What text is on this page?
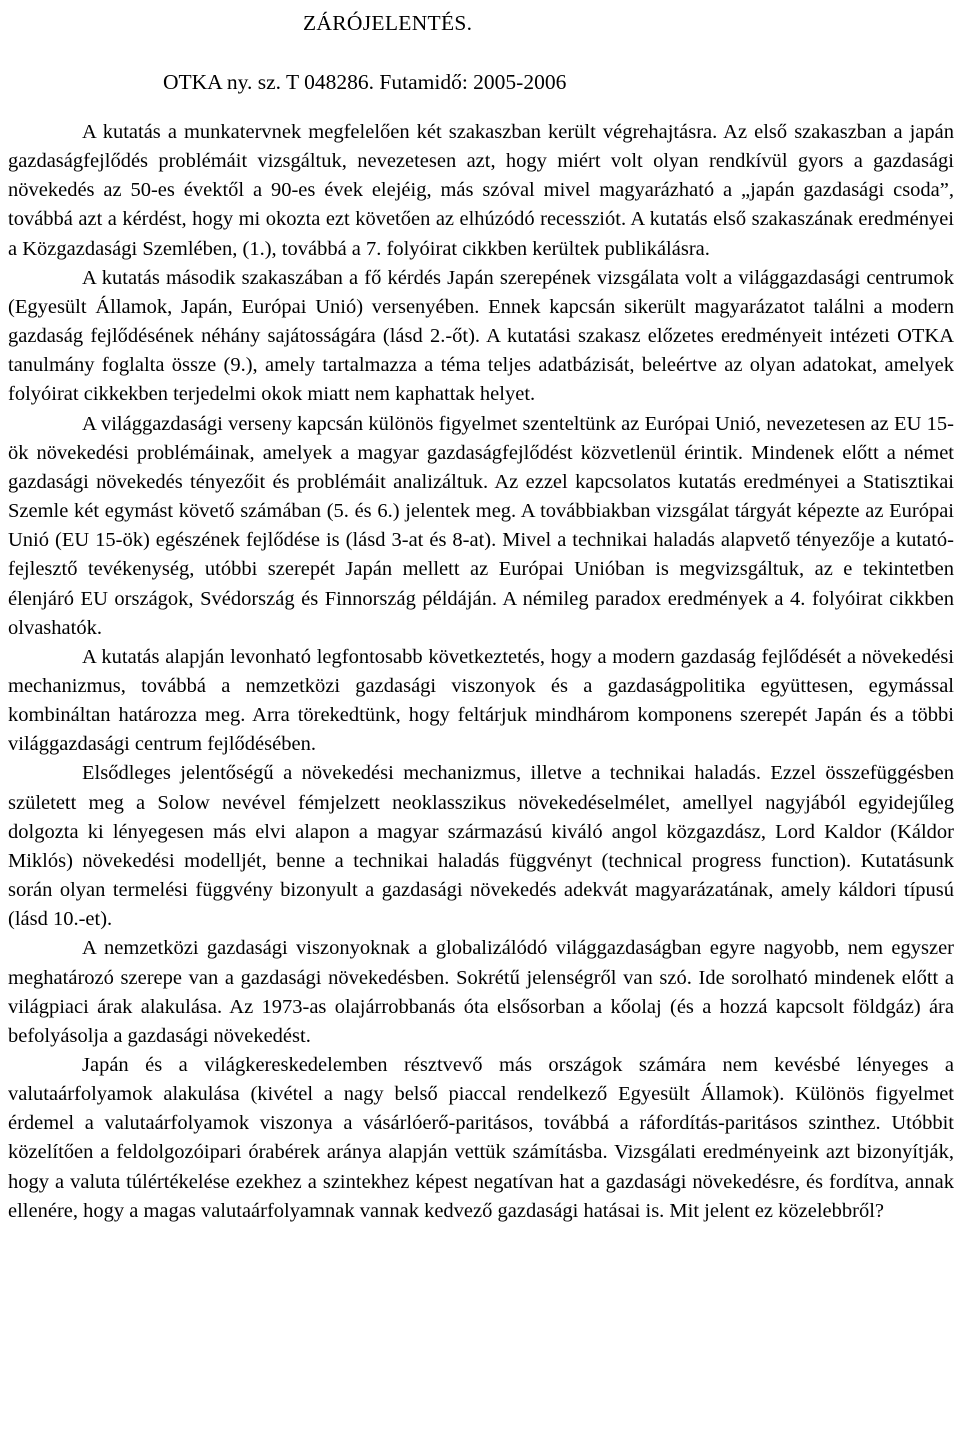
ZÁRÓJELENTÉS.
OTKA ny. sz. T 048286. Futamidő: 2005-2006

A kutatás a munkatervnek megfelelően két szakaszban került végrehajtásra. Az első szakaszban a japán gazdaságfejlődés problémáit vizsgáltuk, nevezetesen azt, hogy miért volt olyan rendkívül gyors a gazdasági növekedés az 50-es évektől a 90-es évek elejéig, más szóval mivel magyarázható a „japán gazdasági csoda”, továbbá azt a kérdést, hogy mi okozta ezt követően az elhúzódó recessziót. A kutatás első szakaszának eredményei a Közgazdasági Szemlében, (1.), továbbá a 7. folyóirat cikkben kerültek publikálásra.

A kutatás második szakaszában a fő kérdés Japán szerepének vizsgálata volt a világgazdasági centrumok (Egyesült Államok, Japán, Európai Unió) versenyében. Ennek kapcsán sikerült magyarázatot találni a modern gazdaság fejlődésének néhány sajátosságára (lásd 2.-őt). A kutatási szakasz előzetes eredményeit intézeti OTKA tanulmány foglalta össze (9.), amely tartalmazza a téma teljes adatbázisát, beleértve az olyan adatokat, amelyek folyóirat cikkekben terjedelmi okok miatt nem kaphattak helyet.

A világgazdasági verseny kapcsán különös figyelmet szenteltünk az Európai Unió, nevezetesen az EU 15-ök növekedési problémáinak, amelyek a magyar gazdaságfejlődést közvetlenül érintik. Mindenek előtt a német gazdasági növekedés tényezőit és problémáit analizáltuk. Az ezzel kapcsolatos kutatás eredményei a Statisztikai Szemle két egymást követő számában (5. és 6.) jelentek meg. A továbbiakban vizsgálat tárgyát képezte az Európai Unió (EU 15-ök) egészének fejlődése is (lásd 3-at és 8-at). Mivel a technikai haladás alapvető tényezője a kutató-fejlesztő tevékenység, utóbbi szerepét Japán mellett az Európai Unióban is megvizsgáltuk, az e tekintetben élenjáró EU országok, Svédország és Finnország példáján. A némileg paradox eredmények a 4. folyóirat cikkben olvashatók.

A kutatás alapján levonható legfontosabb következtetés, hogy a modern gazdaság fejlődését a növekedési mechanizmus, továbbá a nemzetközi gazdasági viszonyok és a gazdaságpolitika együttesen, egymással kombináltan határozza meg. Arra törekedtünk, hogy feltárjuk mindhárom komponens szerepét Japán és a többi világgazdasági centrum fejlődésében.

Elsődleges jelentőségű a növekedési mechanizmus, illetve a technikai haladás. Ezzel összefüggésben született meg a Solow nevével fémjelzett neoklasszikus növekedéselmélet, amellyel nagyjából egyidejűleg dolgozta ki lényegesen más elvi alapon a magyar származású kiváló angol közgazdász, Lord Kaldor (Káldor Miklós) növekedési modelljét, benne a technikai haladás függvényt (technical progress function). Kutatásunk során olyan termelési függvény bizonyult a gazdasági növekedés adekvát magyarázatának, amely káldori típusú (lásd 10.-et).

A nemzetközi gazdasági viszonyoknak a globalizálódó világgazdaságban egyre nagyobb, nem egyszer meghatározó szerepe van a gazdasági növekedésben. Sokrétű jelenségről van szó. Ide sorolható mindenek előtt a világpiaci árak alakulása. Az 1973-as olajárrobbanás óta elsősorban a kőolaj (és a hozzá kapcsolt földgáz) ára befolyásolja a gazdasági növekedést.

Japán és a világkereskedelemben résztvevő más országok számára nem kevésbé lényeges a valutaárfolyamok alakulása (kivétel a nagy belső piaccal rendelkező Egyesült Államok). Különös figyelmet érdemel a valutaárfolyamok viszonya a vásárlóerő-paritásos, továbbá a ráfordítás-paritásos szinthez. Utóbbit közelítően a feldolgozóipari órabérek aránya alapján vettük számításba. Vizsgálati eredményeink azt bizonyítják, hogy a valuta túlértékelése ezekhez a szintekhez képest negatívan hat a gazdasági növekedésre, és fordítva, annak ellenére, hogy a magas valutaárfolyamnak vannak kedvező gazdasági hatásai is. Mit jelent ez közelebbről?
